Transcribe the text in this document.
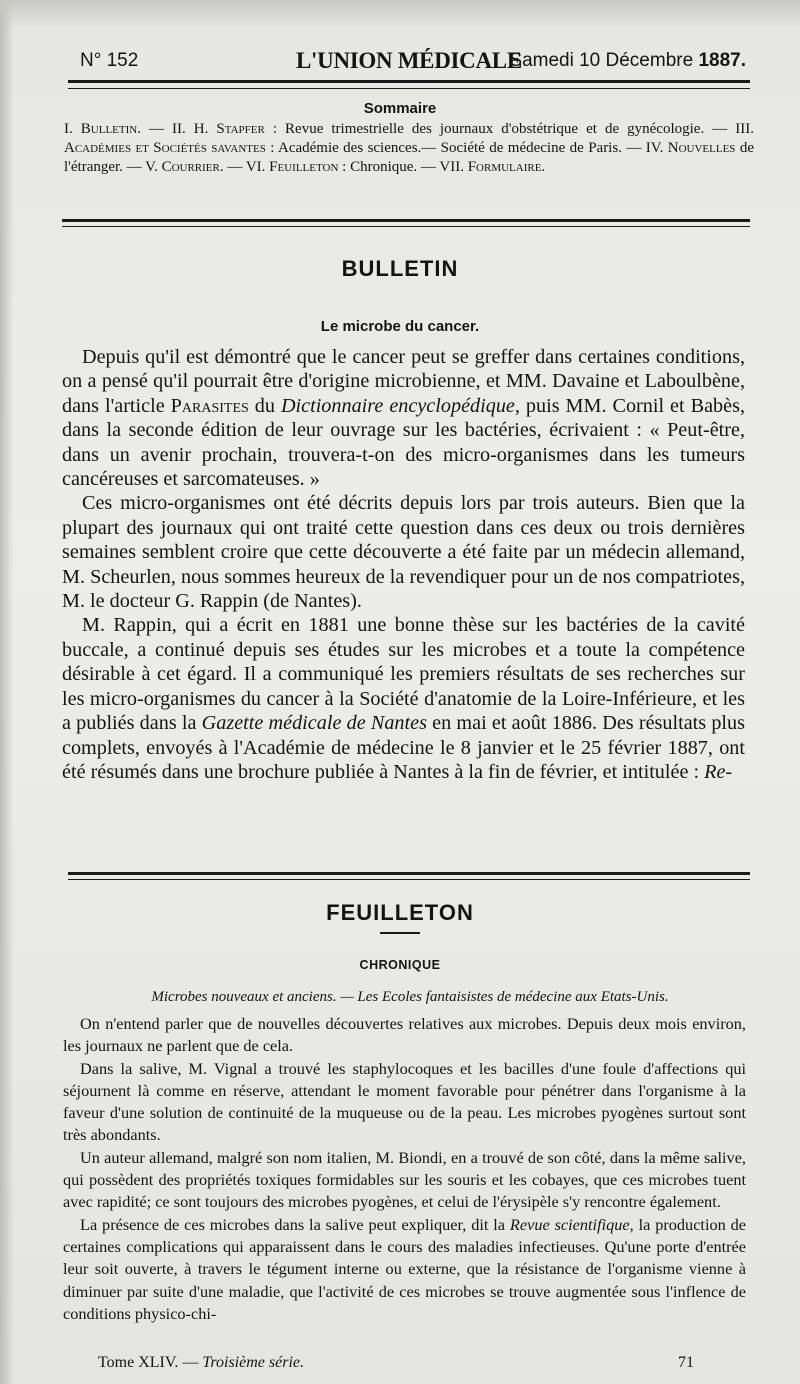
N° 152	L'UNION MÉDICALE
Samedi 10 Décembre 1887.
Sommaire
I. Bulletin. — II. H. Stapfer : Revue trimestrielle des journaux d'obstétrique et de gynécologie. — III. Académies et Sociétés savantes : Académie des sciences.— Société de médecine de Paris. — IV. Nouvelles de l'étranger. — V. Courrier. — VI. Feuilleton : Chronique. — VII. Formulaire.
BULLETIN
Le microbe du cancer.

Depuis qu'il est démontré que le cancer peut se greffer dans certaines conditions, on a pensé qu'il pourrait être d'origine microbienne, et MM. Davaine et Laboulbène, dans l'article Parasites du Dictionnaire encyclopédique, puis MM. Cornil et Babès, dans la seconde édition de leur ouvrage sur les bactéries, écrivaient : « Peut-être, dans un avenir prochain, trouvera-t-on des micro-organismes dans les tumeurs cancéreuses et sarcomateuses. »

Ces micro-organismes ont été décrits depuis lors par trois auteurs. Bien que la plupart des journaux qui ont traité cette question dans ces deux ou trois dernières semaines semblent croire que cette découverte a été faite par un médecin allemand, M. Scheurlen, nous sommes heureux de la revendiquer pour un de nos compatriotes, M. le docteur G. Rappin (de Nantes).

M. Rappin, qui a écrit en 1881 une bonne thèse sur les bactéries de la cavité buccale, a continué depuis ses études sur les microbes et a toute la compétence désirable à cet égard. Il a communiqué les premiers résultats de ses recherches sur les micro-organismes du cancer à la Société d'anatomie de la Loire-Inférieure, et les a publiés dans la Gazette médicale de Nantes en mai et août 1886. Des résultats plus complets, envoyés à l'Académie de médecine le 8 janvier et le 25 février 1887, ont été résumés dans une brochure publiée à Nantes à la fin de février, et intitulée : Re-

FEUILLETON
CHRONIQUE
Microbes nouveaux et anciens. — Les Ecoles fantaisistes de médecine aux Etats-Unis.

On n'entend parler que de nouvelles découvertes relatives aux microbes. Depuis deux mois environ, les journaux ne parlent que de cela.

Dans la salive, M. Vignal a trouvé les staphylocoques et les bacilles d'une foule d'affections qui séjournent là comme en réserve, attendant le moment favorable pour pénétrer dans l'organisme à la faveur d'une solution de continuité de la muqueuse ou de la peau. Les microbes pyogènes surtout sont très abondants.

Un auteur allemand, malgré son nom italien, M. Biondi, en a trouvé de son côté, dans la même salive, qui possèdent des propriétés toxiques formidables sur les souris et les cobayes, que ces microbes tuent avec rapidité; ce sont toujours des microbes pyogènes, et celui de l'érysipèle s'y rencontre également.

La présence de ces microbes dans la salive peut expliquer, dit la Revue scientifique, la production de certaines complications qui apparaissent dans le cours des maladies infectieuses. Qu'une porte d'entrée leur soit ouverte, à travers le tégument interne ou externe, que la résistance de l'organisme vienne à diminuer par suite d'une maladie, que l'activité de ces microbes se trouve augmentée sous l'inflence de conditions physico-chi-

Tome XLIV. — Troisième série.	71
